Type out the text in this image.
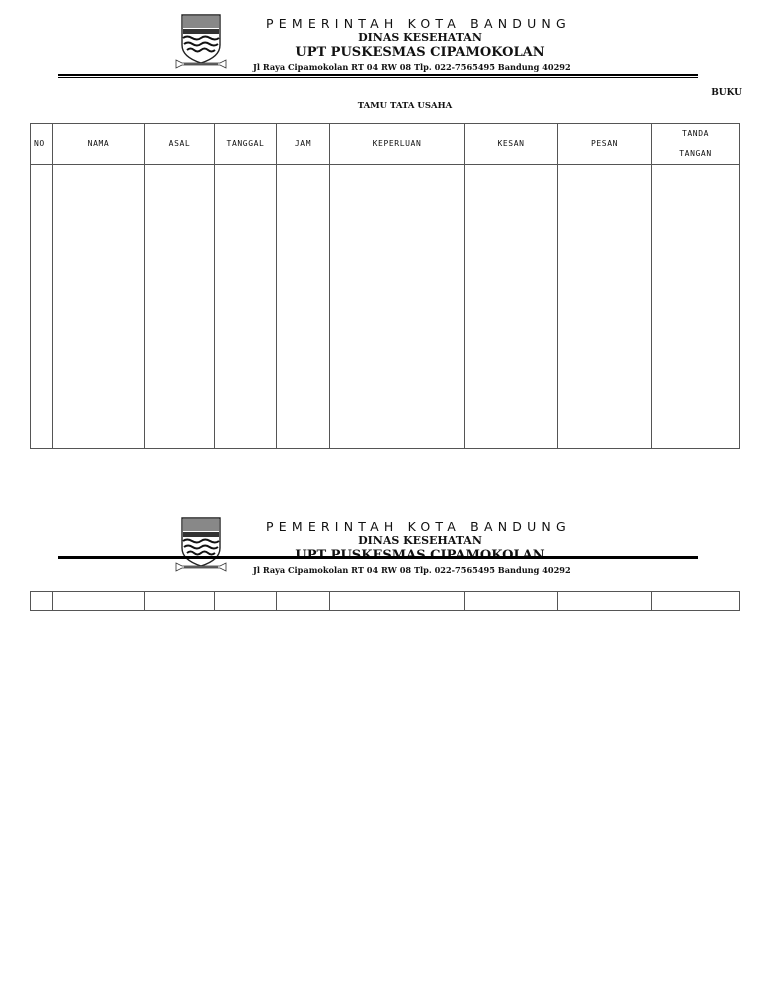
PEMERINTAH KOTA BANDUNG
DINAS KESEHATAN
UPT PUSKESMAS CIPAMOKOLAN
Jl Raya Cipamokolan RT 04 RW 08 Tlp. 022-7565495 Bandung 40292
BUKU
TAMU TATA USAHA
NO	NAMA	ASAL	TANGGAL	JAM	KEPERLUAN	KESAN	PESAN	TANDA
TANGAN

PEMERINTAH KOTA BANDUNG
DINAS KESEHATAN
Jl Raya Cipamokolan RT 04 RW 08 Tlp. 022-7565495 Bandung 40292
